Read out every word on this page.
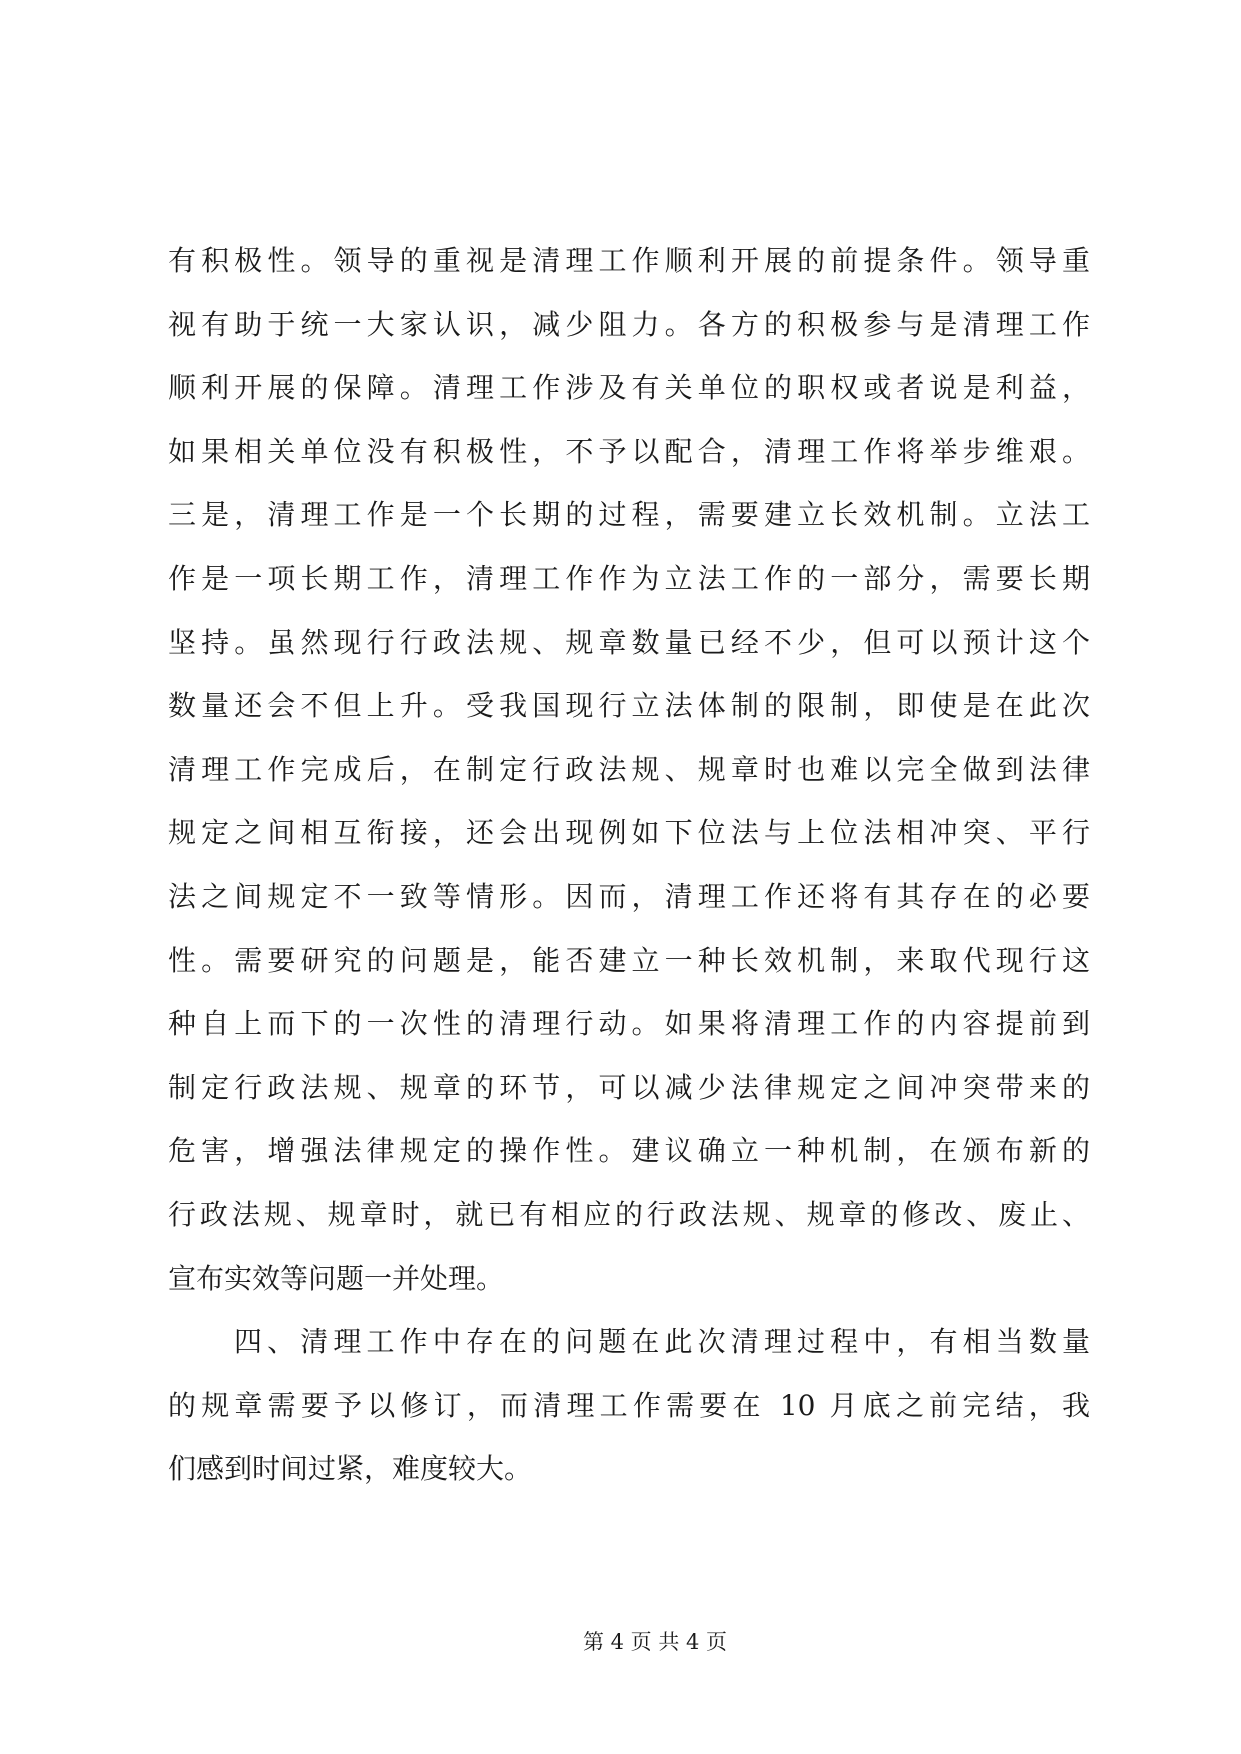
有积极性。领导的重视是清理工作顺利开展的前提条件。领导重
视有助于统一大家认识，减少阻力。各方的积极参与是清理工作
顺利开展的保障。清理工作涉及有关单位的职权或者说是利益，
如果相关单位没有积极性，不予以配合，清理工作将举步维艰。
三是，清理工作是一个长期的过程，需要建立长效机制。立法工
作是一项长期工作，清理工作作为立法工作的一部分，需要长期
坚持。虽然现行行政法规、规章数量已经不少，但可以预计这个
数量还会不但上升。受我国现行立法体制的限制，即使是在此次
清理工作完成后，在制定行政法规、规章时也难以完全做到法律
规定之间相互衔接，还会出现例如下位法与上位法相冲突、平行
法之间规定不一致等情形。因而，清理工作还将有其存在的必要
性。需要研究的问题是，能否建立一种长效机制，来取代现行这
种自上而下的一次性的清理行动。如果将清理工作的内容提前到
制定行政法规、规章的环节，可以减少法律规定之间冲突带来的
危害，增强法律规定的操作性。建议确立一种机制，在颁布新的
行政法规、规章时，就已有相应的行政法规、规章的修改、废止、
宣布实效等问题一并处理。
四、清理工作中存在的问题在此次清理过程中，有相当数量
的规章需要予以修订，而清理工作需要在 10 月底之前完结，我
们感到时间过紧，难度较大。
第 4 页 共 4 页
